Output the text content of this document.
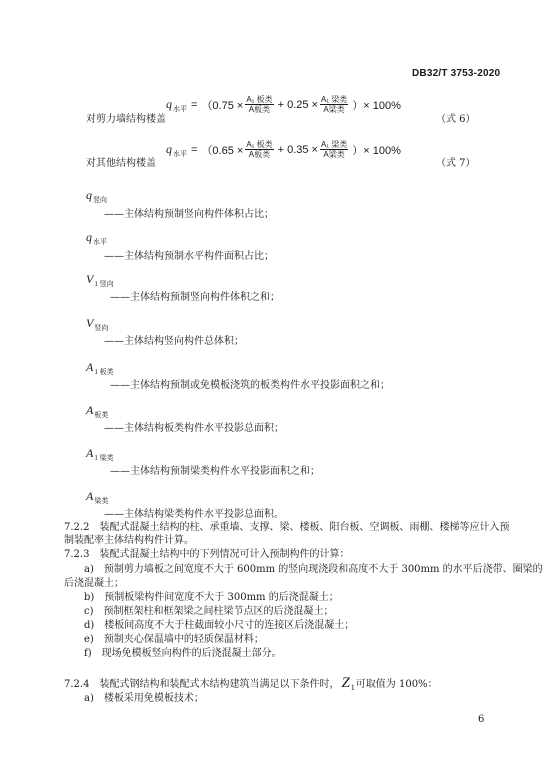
DB32/T 3753-2020
$q_{水平} = (0.75 \times \frac{\text{A₁ 板类}}{\text{A板类}} + 0.25 \times \frac{\text{A₁ 梁类}}{\text{A梁类}}$ ）× 100%
对剪力墙结构楼盖	（式 6）
$q_{水平} = (0.65 \times \frac{\text{A₁ 板类}}{\text{A板类}} + 0.35 \times \frac{\text{A₁ 梁类}}{\text{A梁类}}$ ）× 100%
对其他结构楼盖	（式 7）
$q_{竖向}$
——主体结构预制竖向构件体积占比；
$q_{水平}$
——主体结构预制水平构件面积占比；
$V_{1 竖向}$
——主体结构预制竖向构件体积之和；
$V_{竖向}$
——主体结构竖向构件总体积；
$A_{1 板类}$
——主体结构预制或免模板浇筑的板类构件水平投影面积之和；
$A_{板类}$
——主体结构板类构件水平投影总面积；
$A_{1 梁类}$
——主体结构预制梁类构件水平投影面积之和；
$A_{梁类}$
——主体结构梁类构件水平投影总面积。
7.2.2　装配式混凝土结构的柱、承重墙、支撑、梁、楼板、阳台板、空调板、雨棚、楼梯等应计入预
制装配率主体结构构件计算。
7.2.3　装配式混凝土结构中的下列情况可计入预制构件的计算：
a)　预制剪力墙板之间宽度不大于 600mm 的竖向现浇段和高度不大于 300mm 的水平后浇带、圈梁的
后浇混凝土；
b)　预制板梁构件间宽度不大于 300mm 的后浇混凝土；
c)　预制框架柱和框架梁之间柱梁节点区的后浇混凝土；
d)　楼板间高度不大于柱截面较小尺寸的连接区后浇混凝土；
e)　预制夹心保温墙中的轻质保温材料；
f)　现场免模板竖向构件的后浇混凝土部分。
7.2.4　装配式钢结构和装配式木结构建筑当满足以下条件时， $Z_1$ 可取值为 100%：
a)　楼板采用免模板技术；
6
